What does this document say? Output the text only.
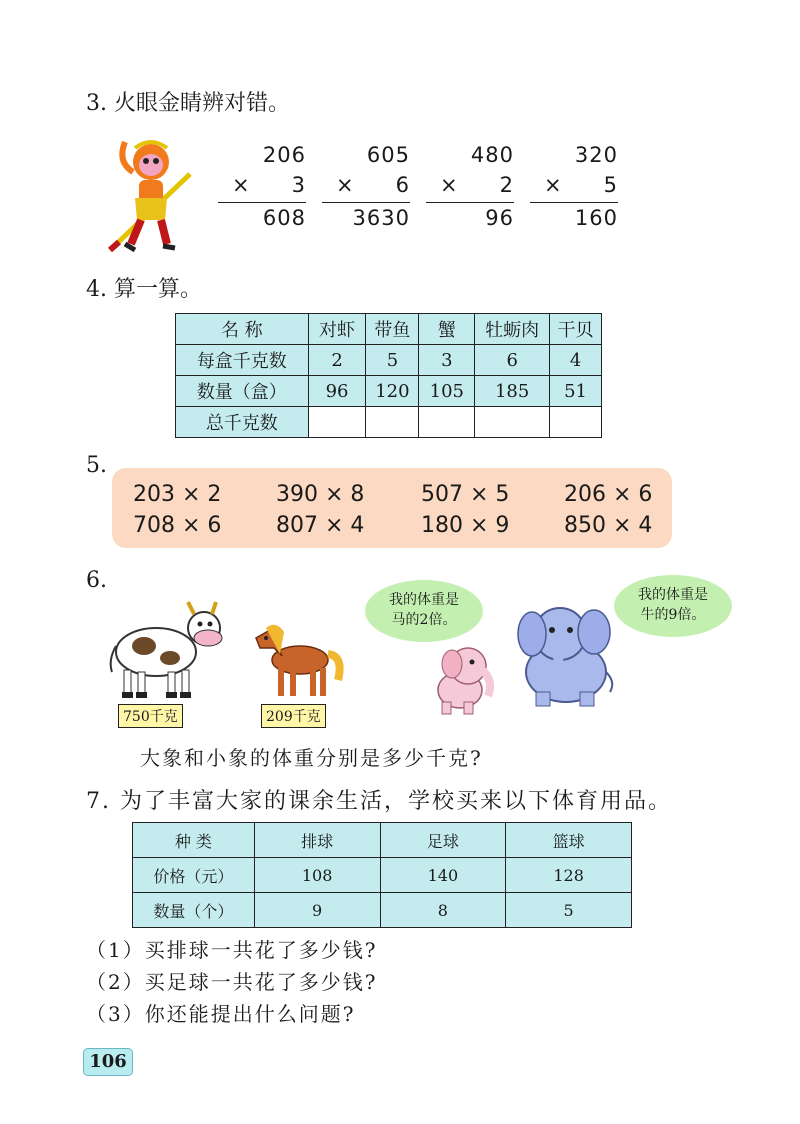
3. 火眼金睛辨对错。
206
× 3
608
605
× 6
3630
480
× 2
96
320
× 5
160
4. 算一算。
名 称	对虾	带鱼	蟹	牡蛎肉	干贝
每盒千克数	2	5	3	6	4
数量（盒）	96	120	105	185	51
总千克数					
5.
203 × 2 390 × 8	507 × 5 206 × 6
708 × 6 807 × 4	180 × 9 850 × 4
6.
750千克	209千克
我的体重是
马的2倍。
我的体重是
牛的9倍。
大象和小象的体重分别是多少千克?
7. 为了丰富大家的课余生活，学校买来以下体育用品。
种 类	排球	足球	篮球
价格（元）	108	140	128
数量（个）	9	8	5
（1）买排球一共花了多少钱?
（2）买足球一共花了多少钱?
（3）你还能提出什么问题?
106
